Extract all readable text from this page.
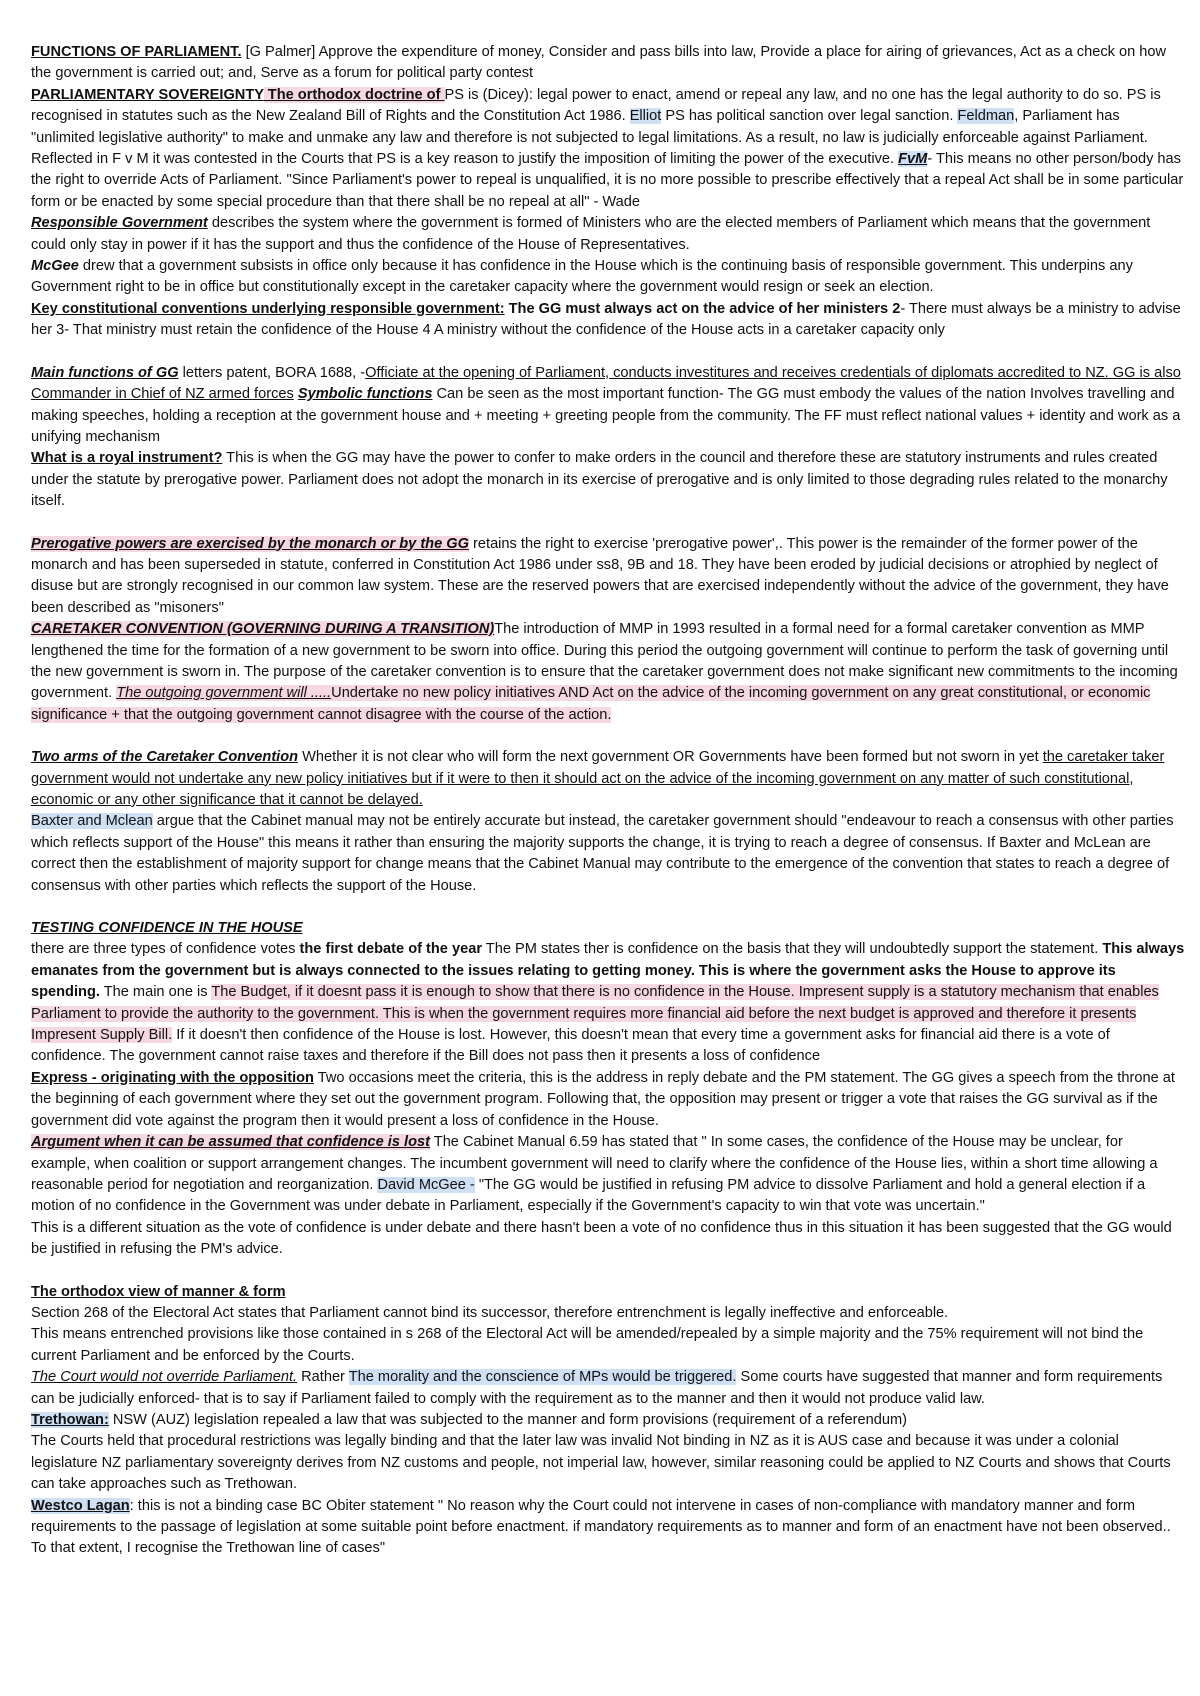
FUNCTIONS OF PARLIAMENT. [G Palmer] Approve the expenditure of money, Consider and pass bills into law, Provide a place for airing of grievances, Act as a check on how the government is carried out; and, Serve as a forum for political party contest

PARLIAMENTARY SOVEREIGNTY The orthodox doctrine of PS is (Dicey): legal power to enact, amend or repeal any law, and no one has the legal authority to do so. PS is recognised in statutes such as the New Zealand Bill of Rights and the Constitution Act 1986. Elliot PS has political sanction over legal sanction. Feldman, Parliament has "unlimited legislative authority" to make and unmake any law and therefore is not subjected to legal limitations. As a result, no law is judicially enforceable against Parliament. Reflected in F v M it was contested in the Courts that PS is a key reason to justify the imposition of limiting the power of the executive. FvM- This means no other person/body has the right to override Acts of Parliament. "Since Parliament's power to repeal is unqualified, it is no more possible to prescribe effectively that a repeal Act shall be in some particular form or be enacted by some special procedure than that there shall be no repeal at all" - Wade

Responsible Government describes the system where the government is formed of Ministers who are the elected members of Parliament which means that the government could only stay in power if it has the support and thus the confidence of the House of Representatives.

McGee drew that a government subsists in office only because it has confidence in the House which is the continuing basis of responsible government. This underpins any Government right to be in office but constitutionally except in the caretaker capacity where the government would resign or seek an election.

Key constitutional conventions underlying responsible government: The GG must always act on the advice of her ministers 2- There must always be a ministry to advise her 3- That ministry must retain the confidence of the House 4 A ministry without the confidence of the House acts in a caretaker capacity only

Main functions of GG letters patent, BORA 1688, -Officiate at the opening of Parliament, conducts investitures and receives credentials of diplomats accredited to NZ. GG is also Commander in Chief of NZ armed forces Symbolic functions Can be seen as the most important function- The GG must embody the values of the nation Involves travelling and making speeches, holding a reception at the government house and + meeting + greeting people from the community. The FF must reflect national values + identity and work as a unifying mechanism

What is a royal instrument? This is when the GG may have the power to confer to make orders in the council and therefore these are statutory instruments and rules created under the statute by prerogative power. Parliament does not adopt the monarch in its exercise of prerogative and is only limited to those degrading rules related to the monarchy itself.

Prerogative powers are exercised by the monarch or by the GG retains the right to exercise 'prerogative power',. This power is the remainder of the former power of the monarch and has been superseded in statute, conferred in Constitution Act 1986 under ss8, 9B and 18. They have been eroded by judicial decisions or atrophied by neglect of disuse but are strongly recognised in our common law system. These are the reserved powers that are exercised independently without the advice of the government, they have been described as "misoners"

CARETAKER CONVENTION (GOVERNING DURING A TRANSITION)The introduction of MMP in 1993 resulted in a formal need for a formal caretaker convention as MMP lengthened the time for the formation of a new government to be sworn into office. During this period the outgoing government will continue to perform the task of governing until the new government is sworn in. The purpose of the caretaker convention is to ensure that the caretaker government does not make significant new commitments to the incoming government. The outgoing government will .....Undertake no new policy initiatives AND Act on the advice of the incoming government on any great constitutional, or economic significance + that the outgoing government cannot disagree with the course of the action.

Two arms of the Caretaker Convention Whether it is not clear who will form the next government OR Governments have been formed but not sworn in yet the caretaker taker government would not undertake any new policy initiatives but if it were to then it should act on the advice of the incoming government on any matter of such constitutional, economic or any other significance that it cannot be delayed.

Baxter and Mclean argue that the Cabinet manual may not be entirely accurate but instead, the caretaker government should "endeavour to reach a consensus with other parties which reflects support of the House" this means it rather than ensuring the majority supports the change, it is trying to reach a degree of consensus. If Baxter and McLean are correct then the establishment of majority support for change means that the Cabinet Manual may contribute to the emergence of the convention that states to reach a degree of consensus with other parties which reflects the support of the House.

TESTING CONFIDENCE IN THE HOUSE

there are three types of confidence votes the first debate of the year The PM states ther is confidence on the basis that they will undoubtedly support the statement. This always emanates from the government but is always connected to the issues relating to getting money. This is where the government asks the House to approve its spending. The main one is The Budget, if it doesnt pass it is enough to show that there is no confidence in the House. Impresent supply is a statutory mechanism that enables Parliament to provide the authority to the government. This is when the government requires more financial aid before the next budget is approved and therefore it presents Impresent Supply Bill. If it doesn't then confidence of the House is lost. However, this doesn't mean that every time a government asks for financial aid there is a vote of confidence. The government cannot raise taxes and therefore if the Bill does not pass then it presents a loss of confidence

Express - originating with the opposition Two occasions meet the criteria, this is the address in reply debate and the PM statement. The GG gives a speech from the throne at the beginning of each government where they set out the government program. Following that, the opposition may present or trigger a vote that raises the GG survival as if the government did vote against the program then it would present a loss of confidence in the House.

Argument when it can be assumed that confidence is lost The Cabinet Manual 6.59 has stated that " In some cases, the confidence of the House may be unclear, for example, when coalition or support arrangement changes. The incumbent government will need to clarify where the confidence of the House lies, within a short time allowing a reasonable period for negotiation and reorganization. David McGee - "The GG would be justified in refusing PM advice to dissolve Parliament and hold a general election if a motion of no confidence in the Government was under debate in Parliament, especially if the Government's capacity to win that vote was uncertain."

This is a different situation as the vote of confidence is under debate and there hasn't been a vote of no confidence thus in this situation it has been suggested that the GG would be justified in refusing the PM's advice.

The orthodox view of manner & form

Section 268 of the Electoral Act states that Parliament cannot bind its successor, therefore entrenchment is legally ineffective and enforceable.

This means entrenched provisions like those contained in s 268 of the Electoral Act will be amended/repealed by a simple majority and the 75% requirement will not bind the current Parliament and be enforced by the Courts.

The Court would not override Parliament. Rather The morality and the conscience of MPs would be triggered. Some courts have suggested that manner and form requirements can be judicially enforced- that is to say if Parliament failed to comply with the requirement as to the manner and then it would not produce valid law.

Trethowan: NSW (AUZ) legislation repealed a law that was subjected to the manner and form provisions (requirement of a referendum)

The Courts held that procedural restrictions was legally binding and that the later law was invalid Not binding in NZ as it is AUS case and because it was under a colonial legislature NZ parliamentary sovereignty derives from NZ customs and people, not imperial law, however, similar reasoning could be applied to NZ Courts and shows that Courts can take approaches such as Trethowan.

Westco Lagan: this is not a binding case BC Obiter statement " No reason why the Court could not intervene in cases of non-compliance with mandatory manner and form requirements to the passage of legislation at some suitable point before enactment. if mandatory requirements as to manner and form of an enactment have not been observed.. To that extent, I recognise the Trethowan line of cases"
